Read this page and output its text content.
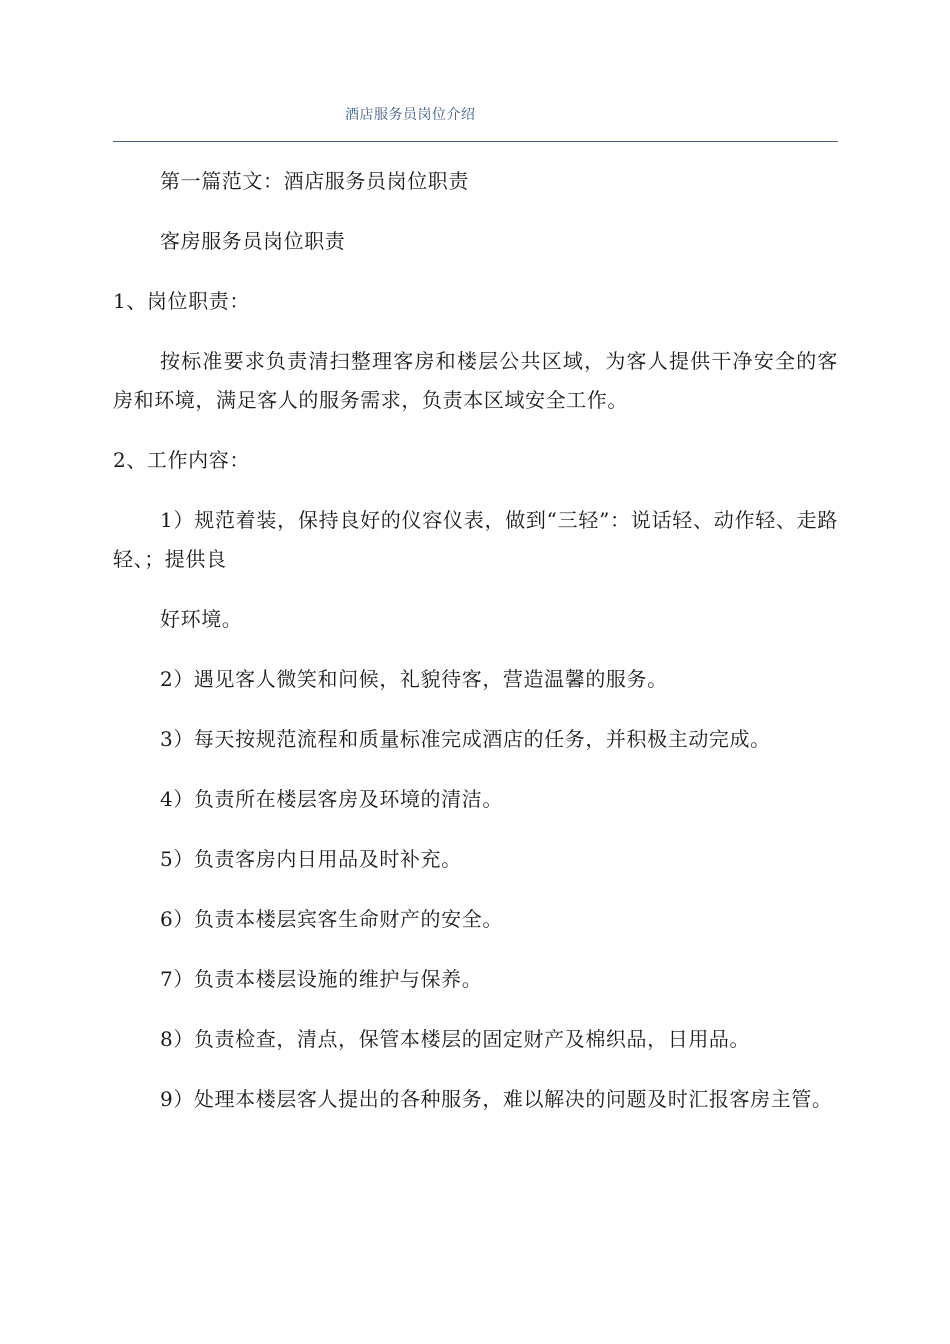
酒店服务员岗位介绍

第一篇范文：酒店服务员岗位职责

客房服务员岗位职责

1、岗位职责：

按标准要求负责清扫整理客房和楼层公共区域，为客人提供干净安全的客房和环境，满足客人的服务需求，负责本区域安全工作。

2、工作内容：

1）规范着装，保持良好的仪容仪表，做到“三轻”：说话轻、动作轻、走路轻、；提供良

好环境。

2）遇见客人微笑和问候，礼貌待客，营造温馨的服务。

3）每天按规范流程和质量标准完成酒店的任务，并积极主动完成。

4）负责所在楼层客房及环境的清洁。

5）负责客房内日用品及时补充。

6）负责本楼层宾客生命财产的安全。

7）负责本楼层设施的维护与保养。

8）负责检查，清点，保管本楼层的固定财产及棉织品，日用品。

9）处理本楼层客人提出的各种服务，难以解决的问题及时汇报客房主管。
